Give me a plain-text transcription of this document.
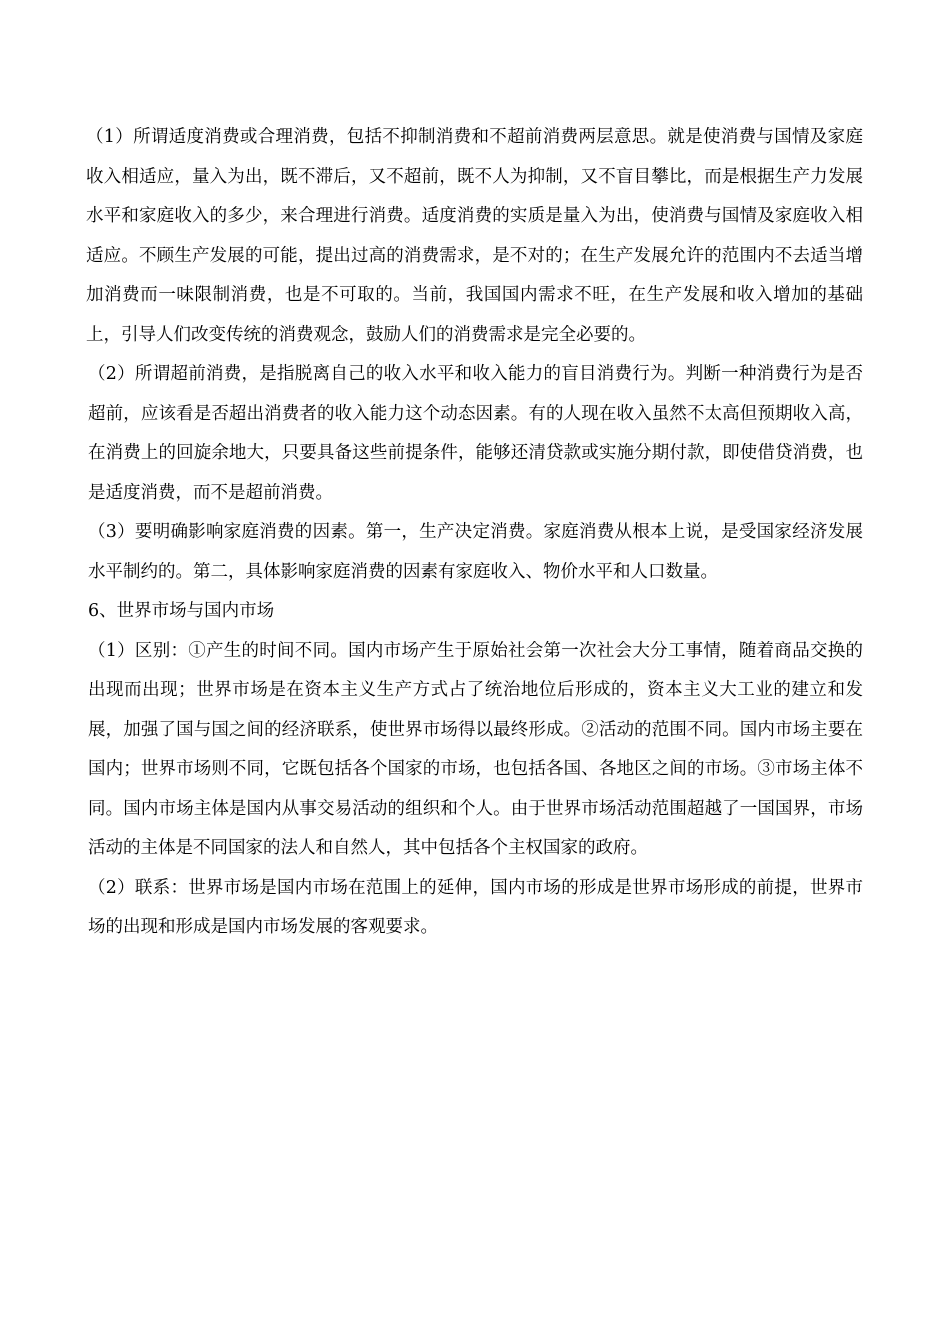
（1）所谓适度消费或合理消费，包括不抑制消费和不超前消费两层意思。就是使消费与国情及家庭收入相适应，量入为出，既不滞后，又不超前，既不人为抑制，又不盲目攀比，而是根据生产力发展水平和家庭收入的多少，来合理进行消费。适度消费的实质是量入为出，使消费与国情及家庭收入相适应。不顾生产发展的可能，提出过高的消费需求，是不对的；在生产发展允许的范围内不去适当增加消费而一味限制消费，也是不可取的。当前，我国国内需求不旺，在生产发展和收入增加的基础上，引导人们改变传统的消费观念，鼓励人们的消费需求是完全必要的。

（2）所谓超前消费，是指脱离自己的收入水平和收入能力的盲目消费行为。判断一种消费行为是否超前，应该看是否超出消费者的收入能力这个动态因素。有的人现在收入虽然不太高但预期收入高，在消费上的回旋余地大，只要具备这些前提条件，能够还清贷款或实施分期付款，即使借贷消费，也是适度消费，而不是超前消费。

（3）要明确影响家庭消费的因素。第一，生产决定消费。家庭消费从根本上说，是受国家经济发展水平制约的。第二，具体影响家庭消费的因素有家庭收入、物价水平和人口数量。

6、世界市场与国内市场

（1）区别：①产生的时间不同。国内市场产生于原始社会第一次社会大分工事情，随着商品交换的出现而出现；世界市场是在资本主义生产方式占了统治地位后形成的，资本主义大工业的建立和发展，加强了国与国之间的经济联系，使世界市场得以最终形成。②活动的范围不同。国内市场主要在国内；世界市场则不同，它既包括各个国家的市场，也包括各国、各地区之间的市场。③市场主体不同。国内市场主体是国内从事交易活动的组织和个人。由于世界市场活动范围超越了一国国界，市场活动的主体是不同国家的法人和自然人，其中包括各个主权国家的政府。

（2）联系：世界市场是国内市场在范围上的延伸，国内市场的形成是世界市场形成的前提，世界市场的出现和形成是国内市场发展的客观要求。
